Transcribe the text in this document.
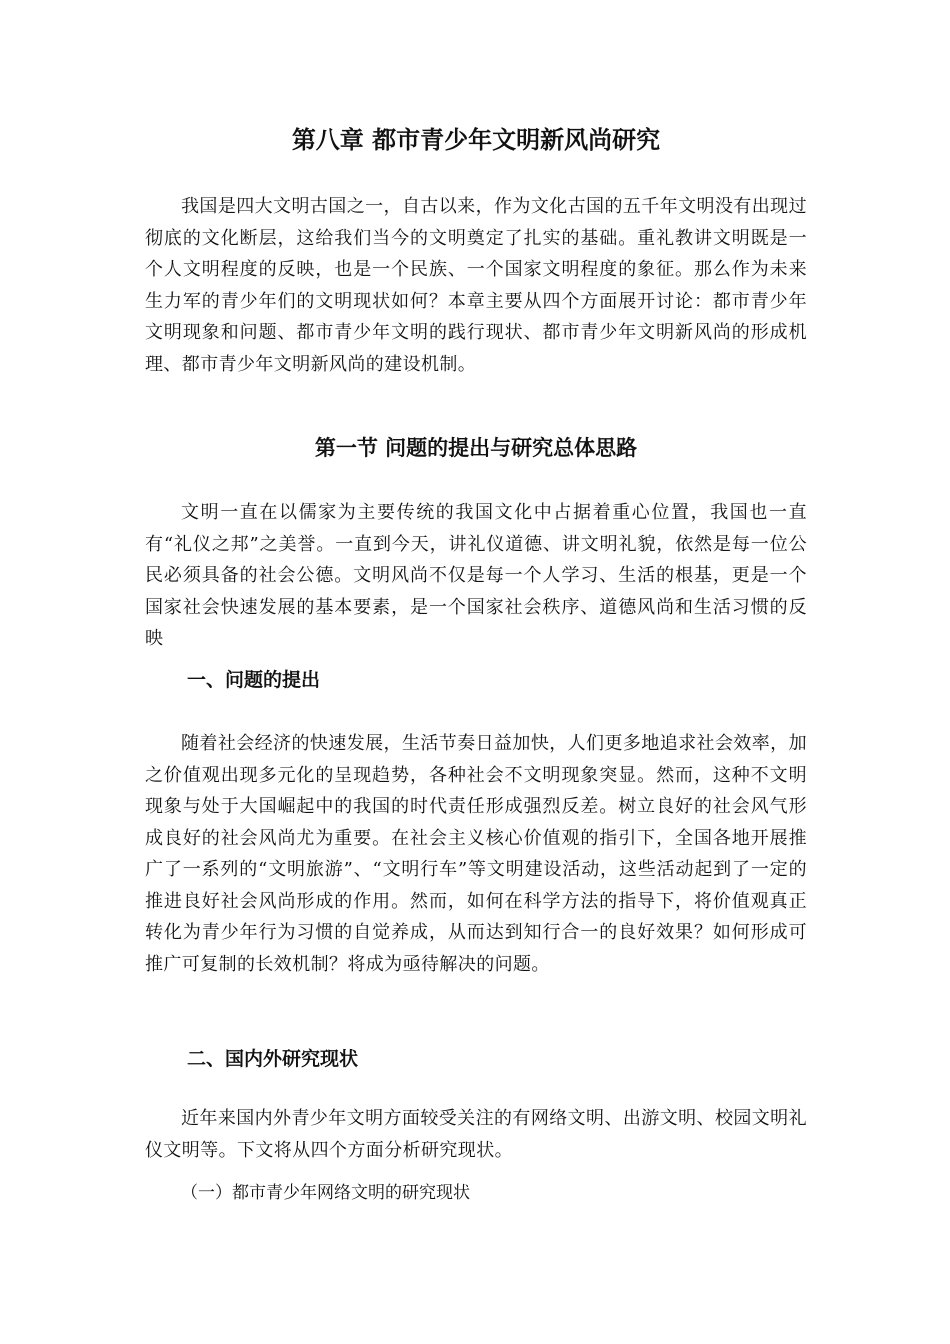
第八章 都市青少年文明新风尚研究

我国是四大文明古国之一，自古以来，作为文化古国的五千年文明没有出现过彻底的文化断层，这给我们当今的文明奠定了扎实的基础。重礼教讲文明既是一个人文明程度的反映，也是一个民族、一个国家文明程度的象征。那么作为未来生力军的青少年们的文明现状如何？本章主要从四个方面展开讨论：都市青少年文明现象和问题、都市青少年文明的践行现状、都市青少年文明新风尚的形成机理、都市青少年文明新风尚的建设机制。

第一节 问题的提出与研究总体思路

文明一直在以儒家为主要传统的我国文化中占据着重心位置，我国也一直有“礼仪之邦”之美誉。一直到今天，讲礼仪道德、讲文明礼貌，依然是每一位公民必须具备的社会公德。文明风尚不仅是每一个人学习、生活的根基，更是一个国家社会快速发展的基本要素，是一个国家社会秩序、道德风尚和生活习惯的反映

一、问题的提出

随着社会经济的快速发展，生活节奏日益加快，人们更多地追求社会效率，加之价值观出现多元化的呈现趋势，各种社会不文明现象突显。然而，这种不文明现象与处于大国崛起中的我国的时代责任形成强烈反差。树立良好的社会风气形成良好的社会风尚尤为重要。在社会主义核心价值观的指引下，全国各地开展推广了一系列的“文明旅游”、“文明行车”等文明建设活动，这些活动起到了一定的推进良好社会风尚形成的作用。然而，如何在科学方法的指导下，将价值观真正转化为青少年行为习惯的自觉养成，从而达到知行合一的良好效果？如何形成可推广可复制的长效机制？将成为亟待解决的问题。

二、国内外研究现状

近年来国内外青少年文明方面较受关注的有网络文明、出游文明、校园文明礼仪文明等。下文将从四个方面分析研究现状。

（一）都市青少年网络文明的研究现状
